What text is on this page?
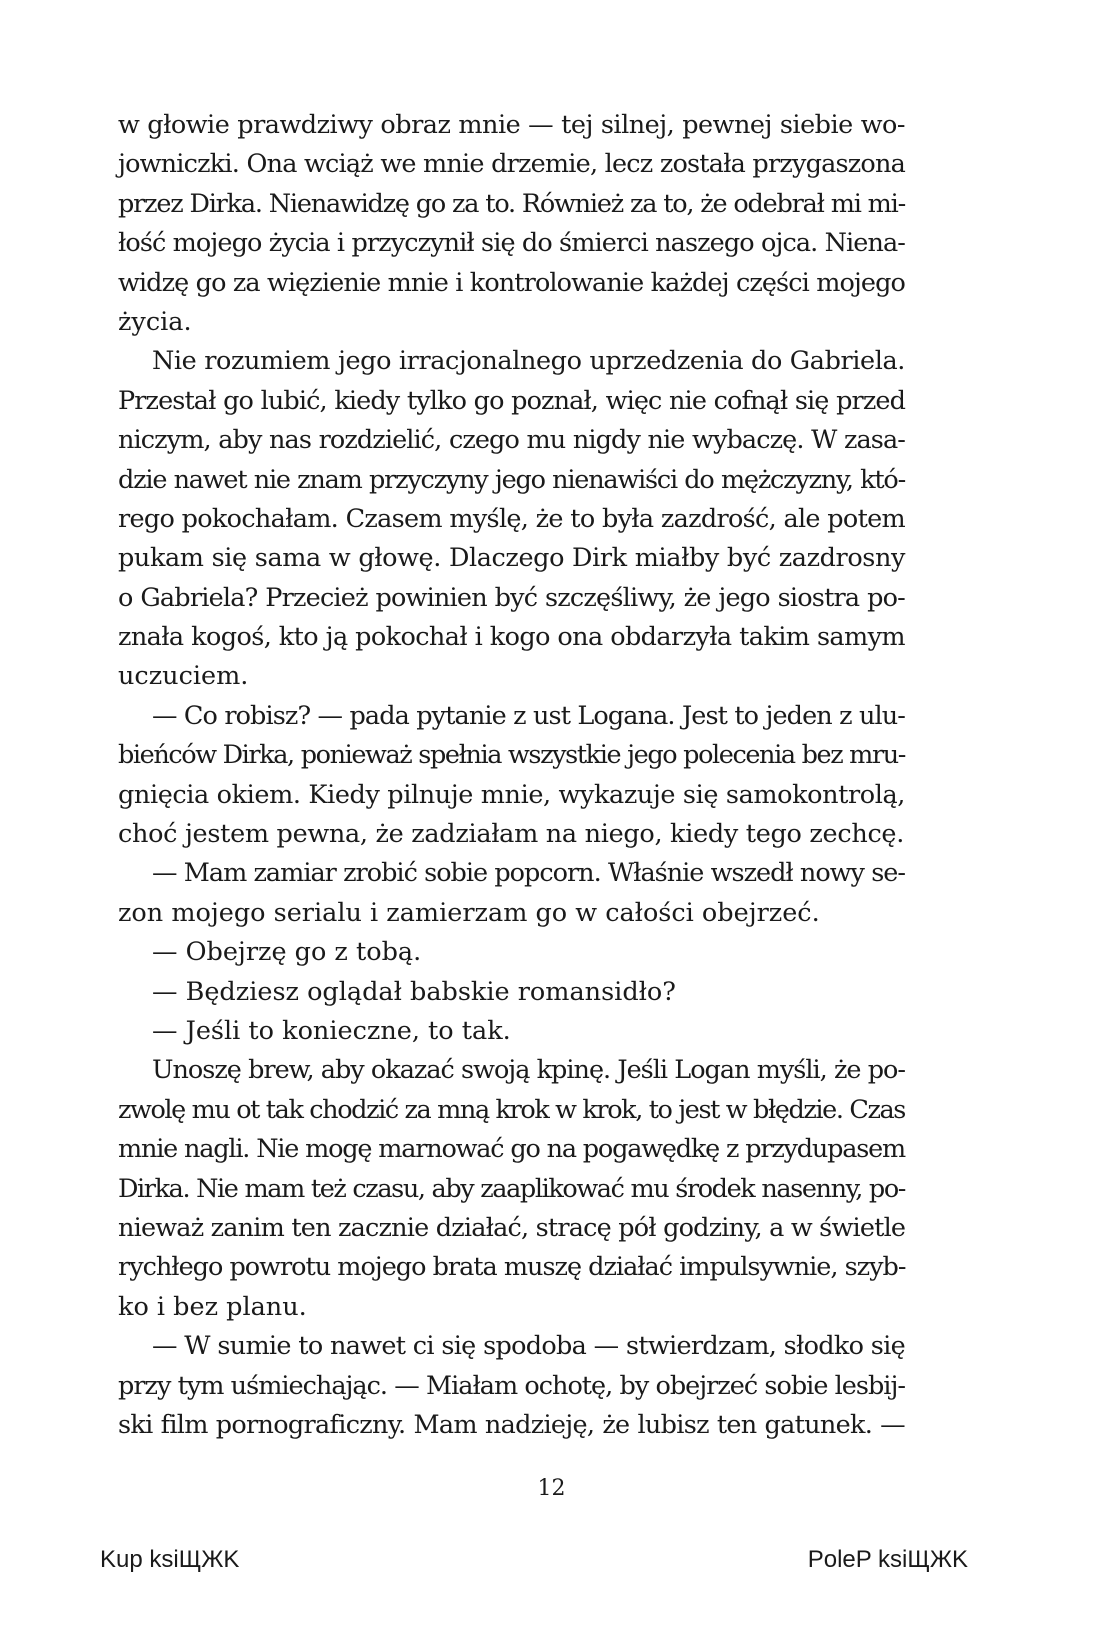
w głowie prawdziwy obraz mnie — tej silnej, pewnej siebie wo-
jowniczki. Ona wciąż we mnie drzemie, lecz została przygaszona
przez Dirka. Nienawidzę go za to. Również za to, że odebrał mi mi-
łość mojego życia i przyczynił się do śmierci naszego ojca. Niena-
widzę go za więzienie mnie i kontrolowanie każdej części mojego
życia.
Nie rozumiem jego irracjonalnego uprzedzenia do Gabriela.
Przestał go lubić, kiedy tylko go poznał, więc nie cofnął się przed
niczym, aby nas rozdzielić, czego mu nigdy nie wybaczę. W zasa-
dzie nawet nie znam przyczyny jego nienawiści do mężczyzny, któ-
rego pokochałam. Czasem myślę, że to była zazdrość, ale potem
pukam się sama w głowę. Dlaczego Dirk miałby być zazdrosny
o Gabriela? Przecież powinien być szczęśliwy, że jego siostra po-
znała kogoś, kto ją pokochał i kogo ona obdarzyła takim samym
uczuciem.
— Co robisz? — pada pytanie z ust Logana. Jest to jeden z ulu-
bieńców Dirka, ponieważ spełnia wszystkie jego polecenia bez mru-
gnięcia okiem. Kiedy pilnuje mnie, wykazuje się samokontrolą,
choć jestem pewna, że zadziałam na niego, kiedy tego zechcę.
— Mam zamiar zrobić sobie popcorn. Właśnie wszedł nowy se-
zon mojego serialu i zamierzam go w całości obejrzeć.
— Obejrzę go z tobą.
— Będziesz oglądał babskie romansidło?
— Jeśli to konieczne, to tak.
Unoszę brew, aby okazać swoją kpinę. Jeśli Logan myśli, że po-
zwolę mu ot tak chodzić za mną krok w krok, to jest w błędzie. Czas
mnie nagli. Nie mogę marnować go na pogawędkę z przydupasem
Dirka. Nie mam też czasu, aby zaaplikować mu środek nasenny, po-
nieważ zanim ten zacznie działać, stracę pół godziny, a w świetle
rychłego powrotu mojego brata muszę działać impulsywnie, szyb-
ko i bez planu.
— W sumie to nawet ci się spodoba — stwierdzam, słodko się
przy tym uśmiechając. — Miałam ochotę, by obejrzeć sobie lesbij-
ski film pornograficzny. Mam nadzieję, że lubisz ten gatunek. —
12
Kup ksiЩЖK	PoleP ksiЩЖK
